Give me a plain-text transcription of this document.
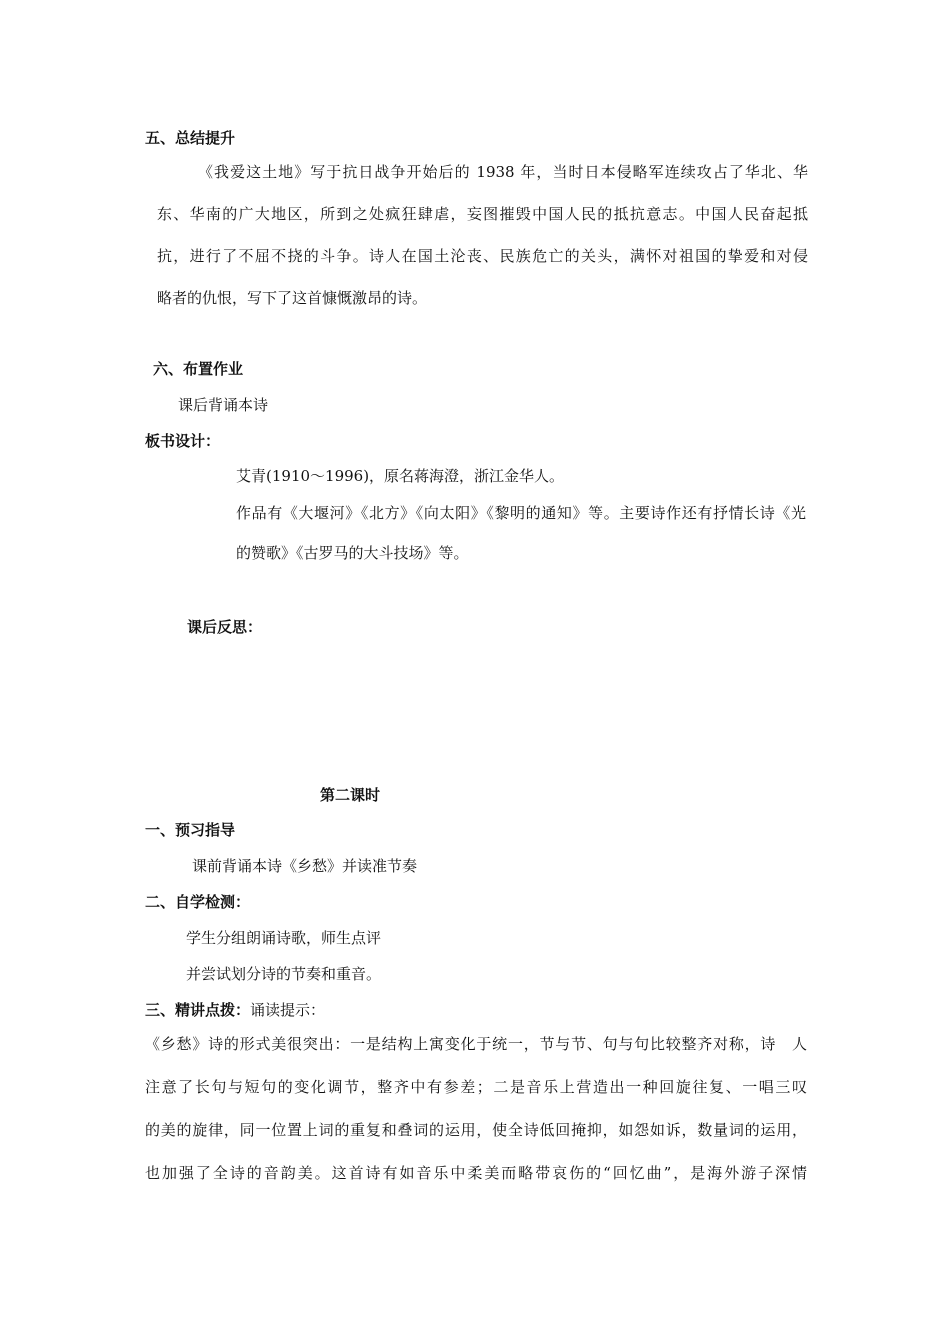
五、总结提升
《我爱这土地》写于抗日战争开始后的 1938 年，当时日本侵略军连续攻占了华北、华
东、华南的广大地区，所到之处疯狂肆虐，妄图摧毁中国人民的抵抗意志。中国人民奋起抵
抗，进行了不屈不挠的斗争。诗人在国土沦丧、民族危亡的关头，满怀对祖国的挚爱和对侵
略者的仇恨，写下了这首慷慨激昂的诗。
六、布置作业
课后背诵本诗
板书设计：
艾青(1910～1996)，原名蒋海澄，浙江金华人。
作品有《大堰河》《北方》《向太阳》《黎明的通知》等。主要诗作还有抒情长诗《光
的赞歌》《古罗马的大斗技场》等。
课后反思：
第二课时
一、预习指导
课前背诵本诗《乡愁》并读准节奏
二、自学检测：
学生分组朗诵诗歌，师生点评
并尝试划分诗的节奏和重音。
三、精讲点拨：诵读提示：
《乡愁》诗的形式美很突出：一是结构上寓变化于统一，节与节、句与句比较整齐对称，诗　人
注意了长句与短句的变化调节，整齐中有参差；二是音乐上营造出一种回旋往复、一唱三叹
的美的旋律，同一位置上词的重复和叠词的运用，使全诗低回掩抑，如怨如诉，数量词的运用，
也加强了全诗的音韵美。这首诗有如音乐中柔美而略带哀伤的“回忆曲”，是海外游子深情
